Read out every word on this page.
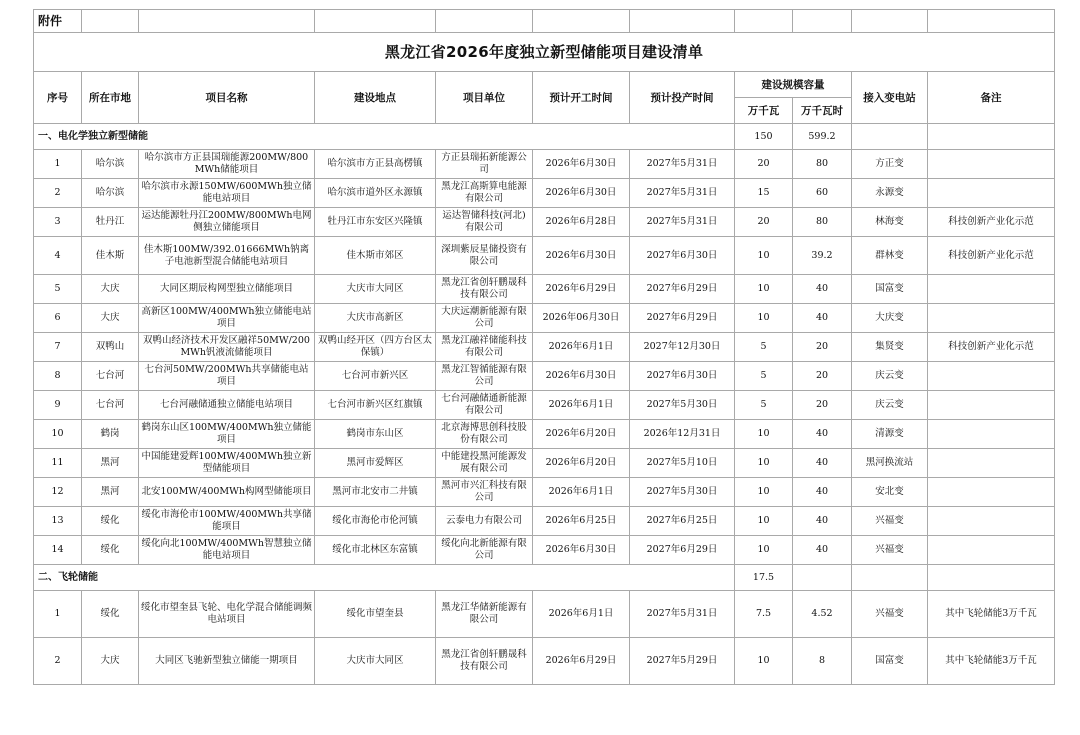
附件										
黑龙江省2026年度独立新型储能项目建设清单										
序号	所在市地	项目名称	建设地点	项目单位	预计开工时间	预计投产时间	建设规模容量		接入变电站	备注
							万千瓦	万千瓦时		
一、电化学独立新型储能							150	599.2		
1	哈尔滨	哈尔滨市方正县国瑞能源200MW/800MWh储能项目	哈尔滨市方正县高楞镇	方正县瑞拓新能源公司	2026年6月30日	2027年5月31日	20	80	方正变	
2	哈尔滨	哈尔滨市永源150MW/600MWh独立储能电站项目	哈尔滨市道外区永源镇	黑龙江高斯算电能源有限公司	2026年6月30日	2027年5月31日	15	60	永源变	
3	牡丹江	运达能源牡丹江200MW/800MWh电网侧独立储能项目	牡丹江市东安区兴隆镇	运达智储科技(河北)有限公司	2026年6月28日	2027年5月31日	20	80	林海变	科技创新产业化示范
4	佳木斯	佳木斯100MW/392.01666MWh钠离子电池新型混合储能电站项目	佳木斯市郊区	深圳紫辰星储投资有限公司	2026年6月30日	2027年6月30日	10	39.2	群林变	科技创新产业化示范
5	大庆	大同区期辰构网型独立储能项目	大庆市大同区	黑龙江省创轩鹏晟科技有限公司	2026年6月29日	2027年6月29日	10	40	国富变	
6	大庆	高新区100MW/400MWh独立储能电站项目	大庆市高新区	大庆远潮新能源有限公司	2026年06月30日	2027年6月29日	10	40	大庆变	
7	双鸭山	双鸭山经济技术开发区融祥50MW/200MWh钒液流储能项目	双鸭山经开区（四方台区太保镇）	黑龙江融祥储能科技有限公司	2026年6月1日	2027年12月30日	5	20	集贤变	科技创新产业化示范
8	七台河	七台河50MW/200MWh共享储能电站项目	七台河市新兴区	黑龙江智循能源有限公司	2026年6月30日	2027年6月30日	5	20	庆云变	
9	七台河	七台河融储通独立储能电站项目	七台河市新兴区红旗镇	七台河融储通新能源有限公司	2026年6月1日	2027年5月30日	5	20	庆云变	
10	鹤岗	鹤岗东山区100MW/400MWh独立储能项目	鹤岗市东山区	北京海博思创科技股份有限公司	2026年6月20日	2026年12月31日	10	40	清源变	
11	黑河	中国能建爱辉100MW/400MWh独立新型储能项目	黑河市爱辉区	中能建投黑河能源发展有限公司	2026年6月20日	2027年5月10日	10	40	黑河换流站	
12	黑河	北安100MW/400MWh构网型储能项目	黑河市北安市二井镇	黑河市兴汇科技有限公司	2026年6月1日	2027年5月30日	10	40	安北变	
13	绥化	绥化市海伦市100MW/400MWh共享储能项目	绥化市海伦市伦河镇	云泰电力有限公司	2026年6月25日	2027年6月25日	10	40	兴福变	
14	绥化	绥化向北100MW/400MWh智慧独立储能电站项目	绥化市北林区东富镇	绥化向北新能源有限公司	2026年6月30日	2027年6月29日	10	40	兴福变	
二、飞轮储能							17.5			
1	绥化	绥化市望奎县飞轮、电化学混合储能调频电站项目	绥化市望奎县	黑龙江华储新能源有限公司	2026年6月1日	2027年5月31日	7.5	4.52	兴福变	其中飞轮储能3万千瓦
2	大庆	大同区飞驰新型独立储能一期项目	大庆市大同区	黑龙江省创轩鹏晟科技有限公司	2026年6月29日	2027年5月29日	10	8	国富变	其中飞轮储能3万千瓦
